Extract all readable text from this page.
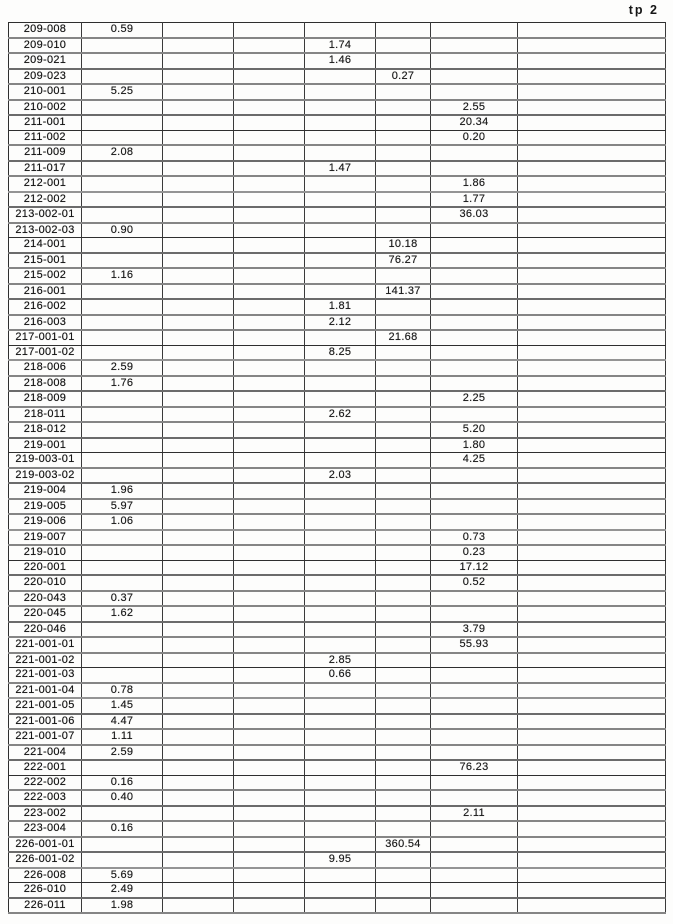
tp 2
209-008	0.59						
209-010				1.74			
209-021				1.46			
209-023					0.27		
210-001	5.25						
210-002						2.55	
211-001						20.34	
211-002						0.20	
211-009	2.08						
211-017				1.47			
212-001						1.86	
212-002						1.77	
213-002-01						36.03	
213-002-03	0.90						
214-001					10.18		
215-001					76.27		
215-002	1.16						
216-001					141.37		
216-002				1.81			
216-003				2.12			
217-001-01					21.68		
217-001-02				8.25			
218-006	2.59						
218-008	1.76						
218-009						2.25	
218-011				2.62			
218-012						5.20	
219-001						1.80	
219-003-01						4.25	
219-003-02				2.03			
219-004	1.96						
219-005	5.97						
219-006	1.06						
219-007						0.73	
219-010						0.23	
220-001						17.12	
220-010						0.52	
220-043	0.37						
220-045	1.62						
220-046						3.79	
221-001-01						55.93	
221-001-02				2.85			
221-001-03				0.66			
221-001-04	0.78						
221-001-05	1.45						
221-001-06	4.47						
221-001-07	1.11						
221-004	2.59						
222-001						76.23	
222-002	0.16						
222-003	0.40						
223-002						2.11	
223-004	0.16						
226-001-01					360.54		
226-001-02				9.95			
226-008	5.69						
226-010	2.49						
226-011	1.98						
